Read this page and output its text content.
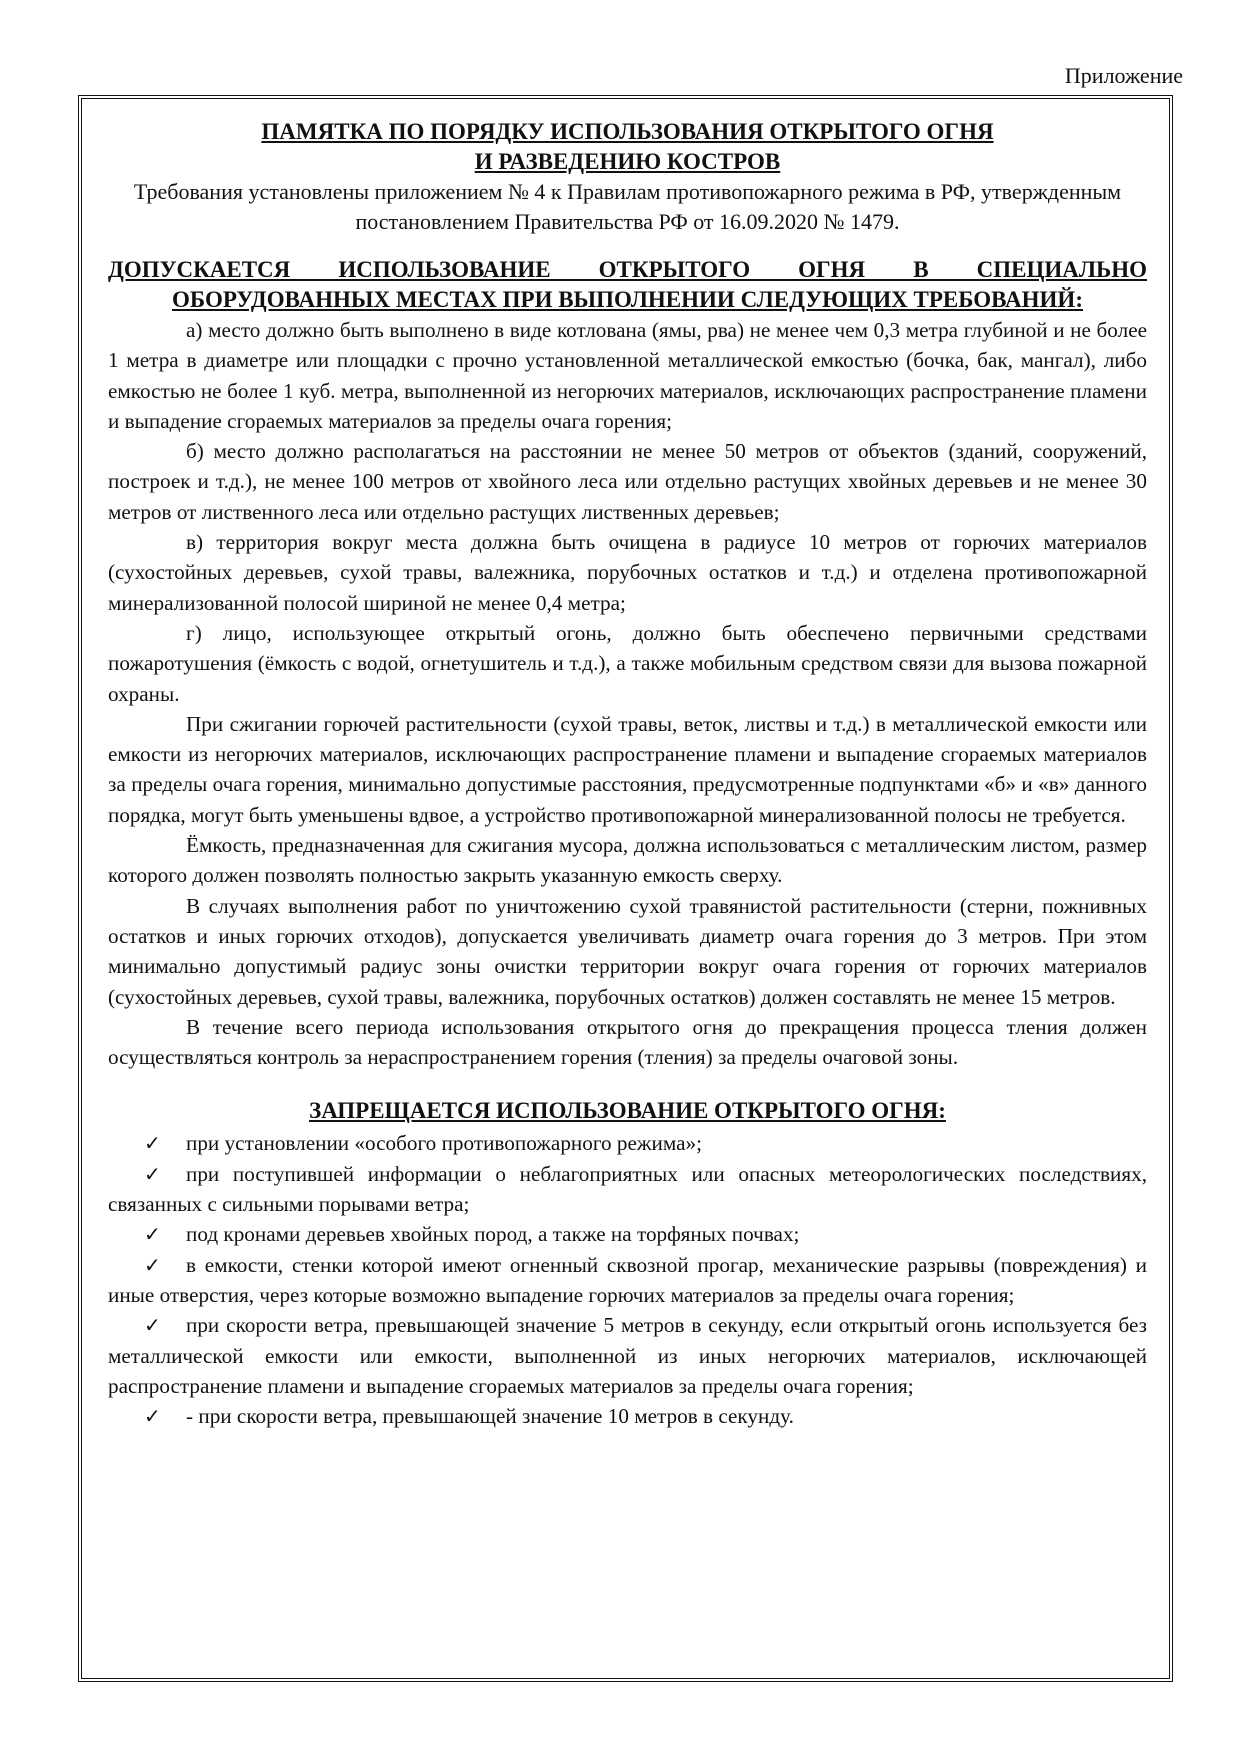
Приложение

ПАМЯТКА ПО ПОРЯДКУ ИСПОЛЬЗОВАНИЯ ОТКРЫТОГО ОГНЯ

И РАЗВЕДЕНИЮ КОСТРОВ

Требования установлены приложением № 4 к Правилам противопожарного режима в РФ, утвержденным постановлением Правительства РФ от 16.09.2020 № 1479.

ДОПУСКАЕТСЯ ИСПОЛЬЗОВАНИЕ ОТКРЫТОГО ОГНЯ В СПЕЦИАЛЬНО
ОБОРУДОВАННЫХ МЕСТАХ ПРИ ВЫПОЛНЕНИИ СЛЕДУЮЩИХ ТРЕБОВАНИЙ:

а) место должно быть выполнено в виде котлована (ямы, рва) не менее чем 0,3 метра глубиной и не более 1 метра в диаметре или площадки с прочно установленной металлической емкостью (бочка, бак, мангал), либо емкостью не более 1 куб. метра, выполненной из негорючих материалов, исключающих распространение пламени и выпадение сгораемых материалов за пределы очага горения;

б) место должно располагаться на расстоянии не менее 50 метров от объектов (зданий, сооружений, построек и т.д.), не менее 100 метров от хвойного леса или отдельно растущих хвойных деревьев и не менее 30 метров от лиственного леса или отдельно растущих лиственных деревьев;

в) территория вокруг места должна быть очищена в радиусе 10 метров от горючих материалов (сухостойных деревьев, сухой травы, валежника, порубочных остатков и т.д.) и отделена противопожарной минерализованной полосой шириной не менее 0,4 метра;

г) лицо, использующее открытый огонь, должно быть обеспечено первичными средствами пожаротушения (ёмкость с водой, огнетушитель и т.д.), а также мобильным средством связи для вызова пожарной охраны.

При сжигании горючей растительности (сухой травы, веток, листвы и т.д.) в металлической емкости или емкости из негорючих материалов, исключающих распространение пламени и выпадение сгораемых материалов за пределы очага горения, минимально допустимые расстояния, предусмотренные подпунктами «б» и «в» данного порядка, могут быть уменьшены вдвое, а устройство противопожарной минерализованной полосы не требуется.

Ёмкость, предназначенная для сжигания мусора, должна использоваться с металлическим листом, размер которого должен позволять полностью закрыть указанную емкость сверху.

В случаях выполнения работ по уничтожению сухой травянистой растительности (стерни, пожнивных остатков и иных горючих отходов), допускается увеличивать диаметр очага горения до 3 метров. При этом минимально допустимый радиус зоны очистки территории вокруг очага горения от горючих материалов (сухостойных деревьев, сухой травы, валежника, порубочных остатков) должен составлять не менее 15 метров.

В течение всего периода использования открытого огня до прекращения процесса тления должен осуществляться контроль за нераспространением горения (тления) за пределы очаговой зоны.

ЗАПРЕЩАЕТСЯ ИСПОЛЬЗОВАНИЕ ОТКРЫТОГО ОГНЯ:

✓ при установлении «особого противопожарного режима»;

✓ при поступившей информации о неблагоприятных или опасных метеорологических последствиях, связанных с сильными порывами ветра;

✓ под кронами деревьев хвойных пород, а также на торфяных почвах;

✓ в емкости, стенки которой имеют огненный сквозной прогар, механические разрывы (повреждения) и иные отверстия, через которые возможно выпадение горючих материалов за пределы очага горения;

✓ при скорости ветра, превышающей значение 5 метров в секунду, если открытый огонь используется без металлической емкости или емкости, выполненной из иных негорючих материалов, исключающей распространение пламени и выпадение сгораемых материалов за пределы очага горения;

✓ - при скорости ветра, превышающей значение 10 метров в секунду.
